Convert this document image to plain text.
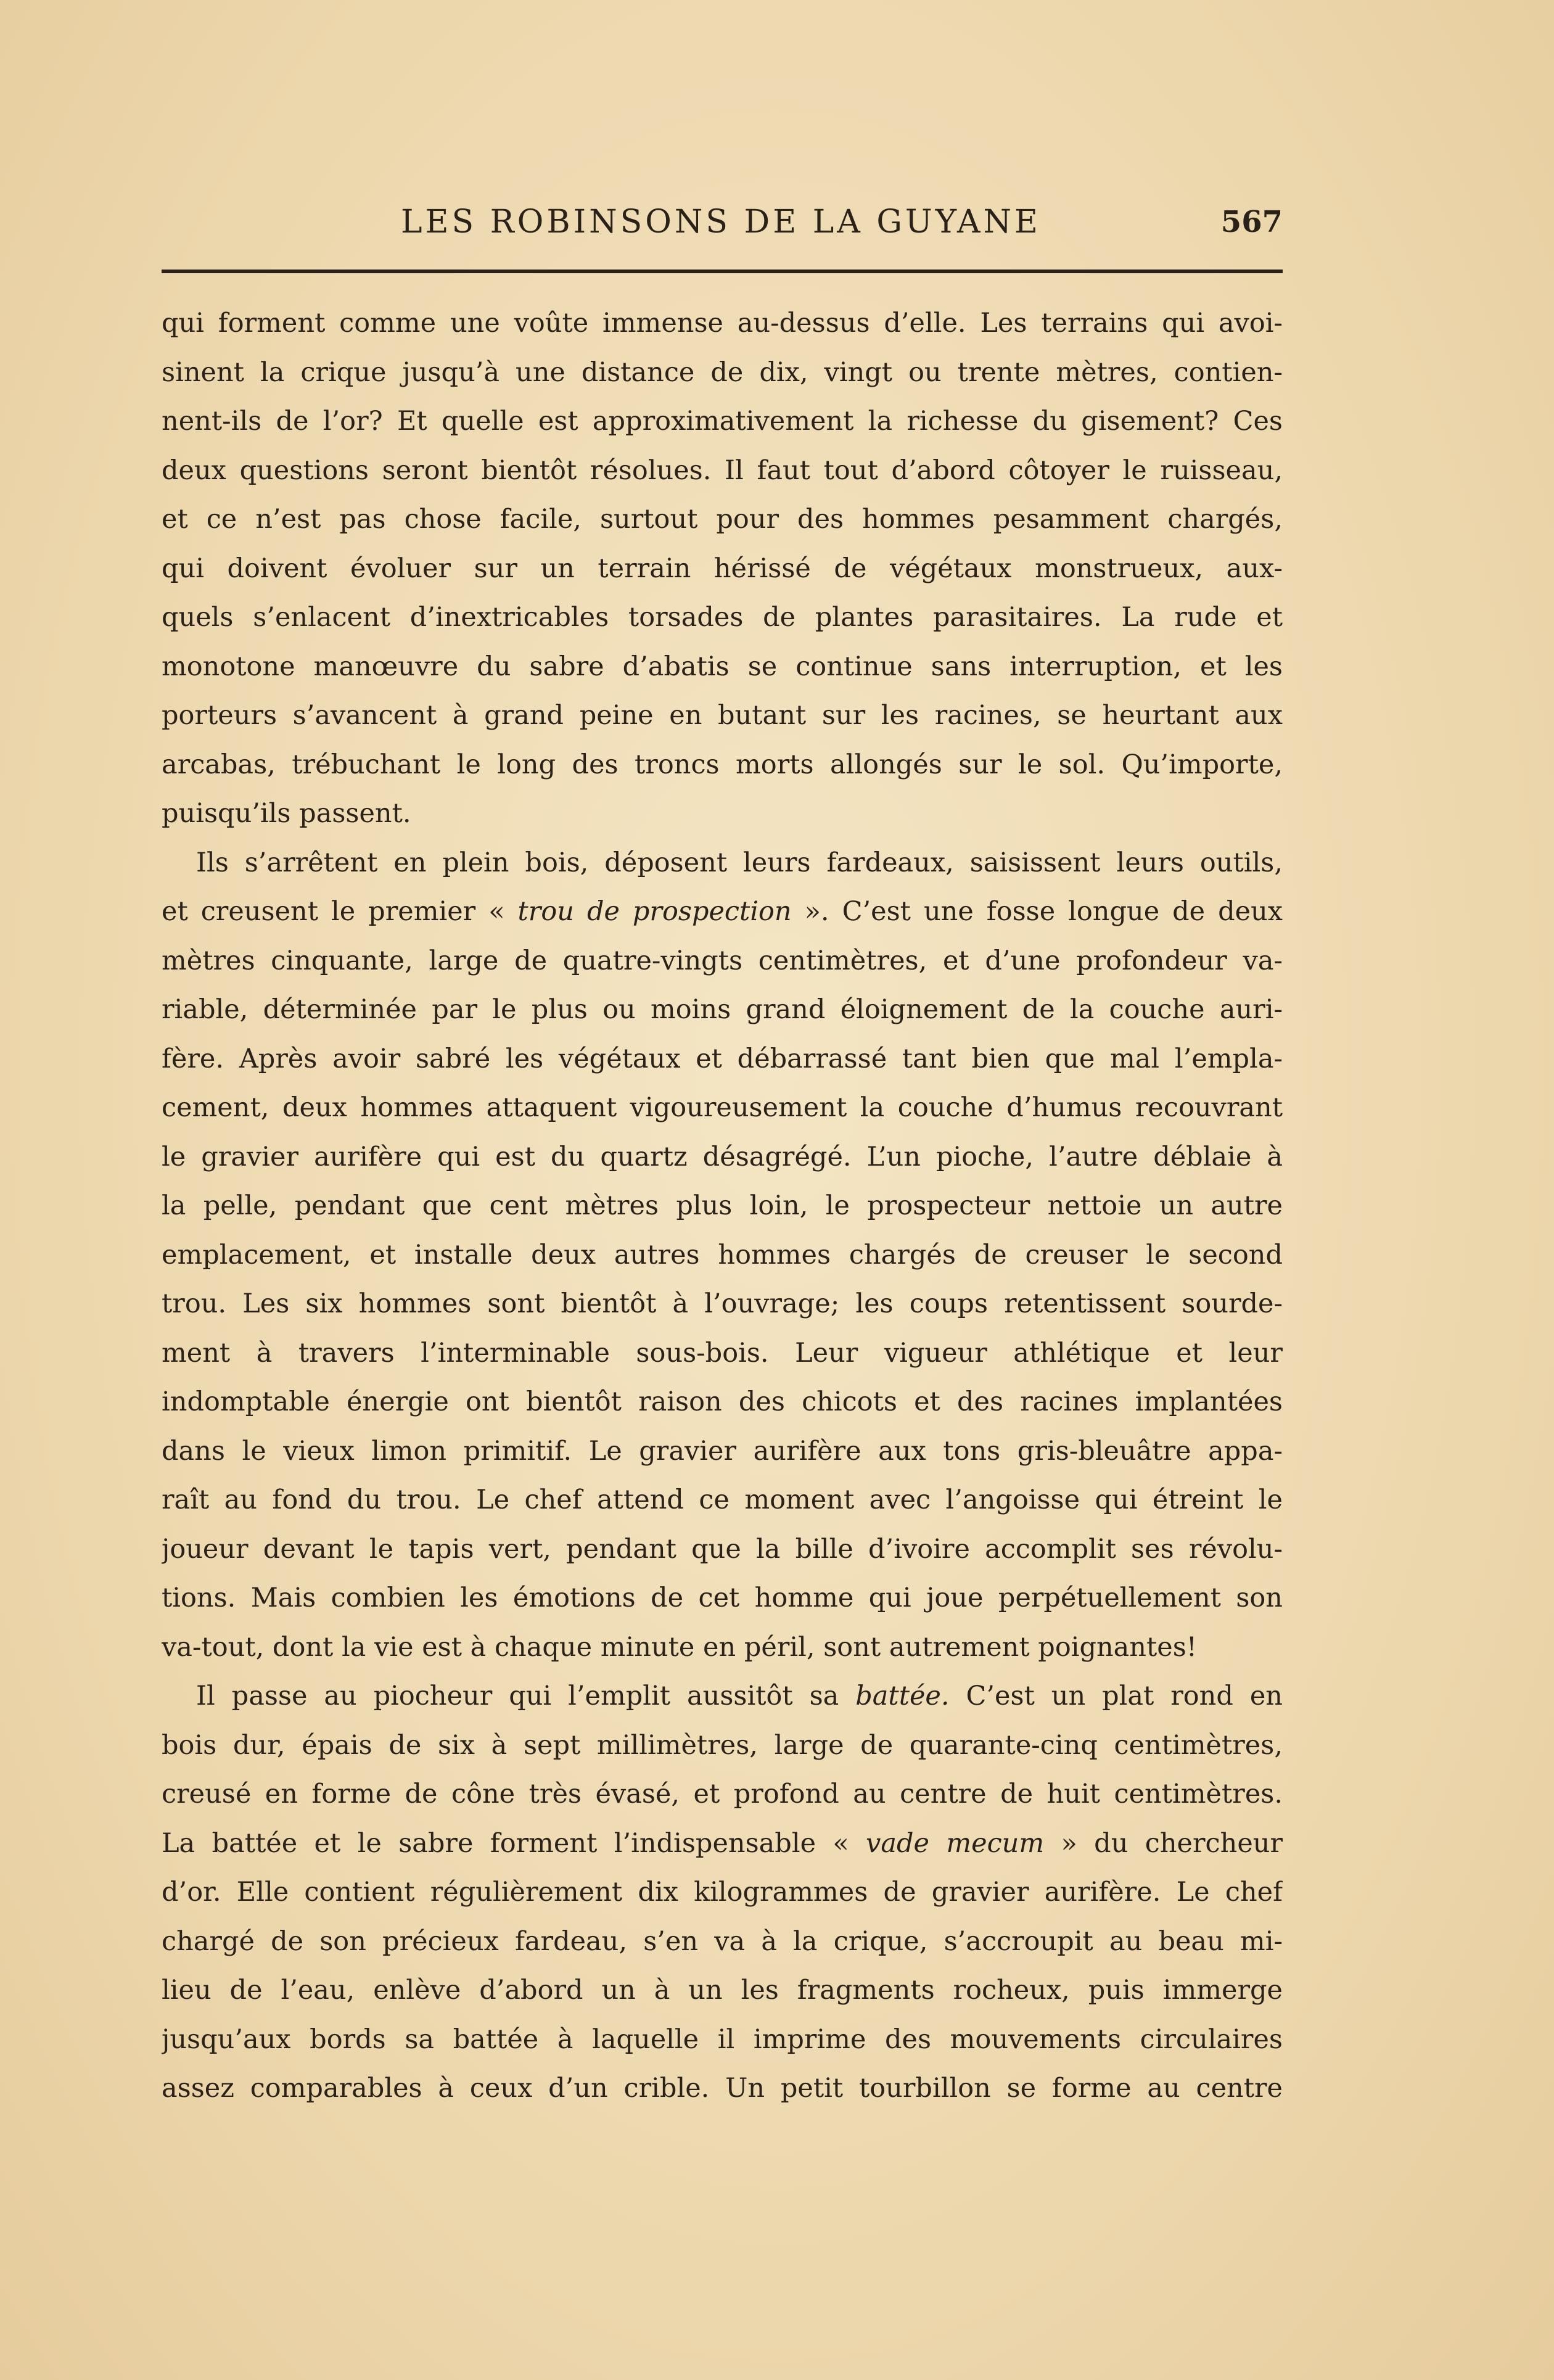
LES ROBINSONS DE LA GUYANE	567
qui forment comme une voûte immense au-dessus d’elle. Les terrains qui avoi-
sinent la crique jusqu’à une distance de dix, vingt ou trente mètres, contien-
nent-ils de l’or? Et quelle est approximativement la richesse du gisement? Ces
deux questions seront bientôt résolues. Il faut tout d’abord côtoyer le ruisseau,
et ce n’est pas chose facile, surtout pour des hommes pesamment chargés,
qui doivent évoluer sur un terrain hérissé de végétaux monstrueux, aux-
quels s’enlacent d’inextricables torsades de plantes parasitaires. La rude et
monotone manœuvre du sabre d’abatis se continue sans interruption, et les
porteurs s’avancent à grand peine en butant sur les racines, se heurtant aux
arcabas, trébuchant le long des troncs morts allongés sur le sol. Qu’importe,
puisqu’ils passent.
Ils s’arrêtent en plein bois, déposent leurs fardeaux, saisissent leurs outils,
et creusent le premier « trou de prospection ». C’est une fosse longue de deux
mètres cinquante, large de quatre-vingts centimètres, et d’une profondeur va-
riable, déterminée par le plus ou moins grand éloignement de la couche auri-
fère. Après avoir sabré les végétaux et débarrassé tant bien que mal l’empla-
cement, deux hommes attaquent vigoureusement la couche d’humus recouvrant
le gravier aurifère qui est du quartz désagrégé. L’un pioche, l’autre déblaie à
la pelle, pendant que cent mètres plus loin, le prospecteur nettoie un autre
emplacement, et installe deux autres hommes chargés de creuser le second
trou. Les six hommes sont bientôt à l’ouvrage; les coups retentissent sourde-
ment à travers l’interminable sous-bois. Leur vigueur athlétique et leur
indomptable énergie ont bientôt raison des chicots et des racines implantées
dans le vieux limon primitif. Le gravier aurifère aux tons gris-bleuâtre appa-
raît au fond du trou. Le chef attend ce moment avec l’angoisse qui étreint le
joueur devant le tapis vert, pendant que la bille d’ivoire accomplit ses révolu-
tions. Mais combien les émotions de cet homme qui joue perpétuellement son
va-tout, dont la vie est à chaque minute en péril, sont autrement poignantes!
Il passe au piocheur qui l’emplit aussitôt sa battée. C’est un plat rond en
bois dur, épais de six à sept millimètres, large de quarante-cinq centimètres,
creusé en forme de cône très évasé, et profond au centre de huit centimètres.
La battée et le sabre forment l’indispensable « vade mecum » du chercheur
d’or. Elle contient régulièrement dix kilogrammes de gravier aurifère. Le chef
chargé de son précieux fardeau, s’en va à la crique, s’accroupit au beau mi-
lieu de l’eau, enlève d’abord un à un les fragments rocheux, puis immerge
jusqu’aux bords sa battée à laquelle il imprime des mouvements circulaires
assez comparables à ceux d’un crible. Un petit tourbillon se forme au centre
